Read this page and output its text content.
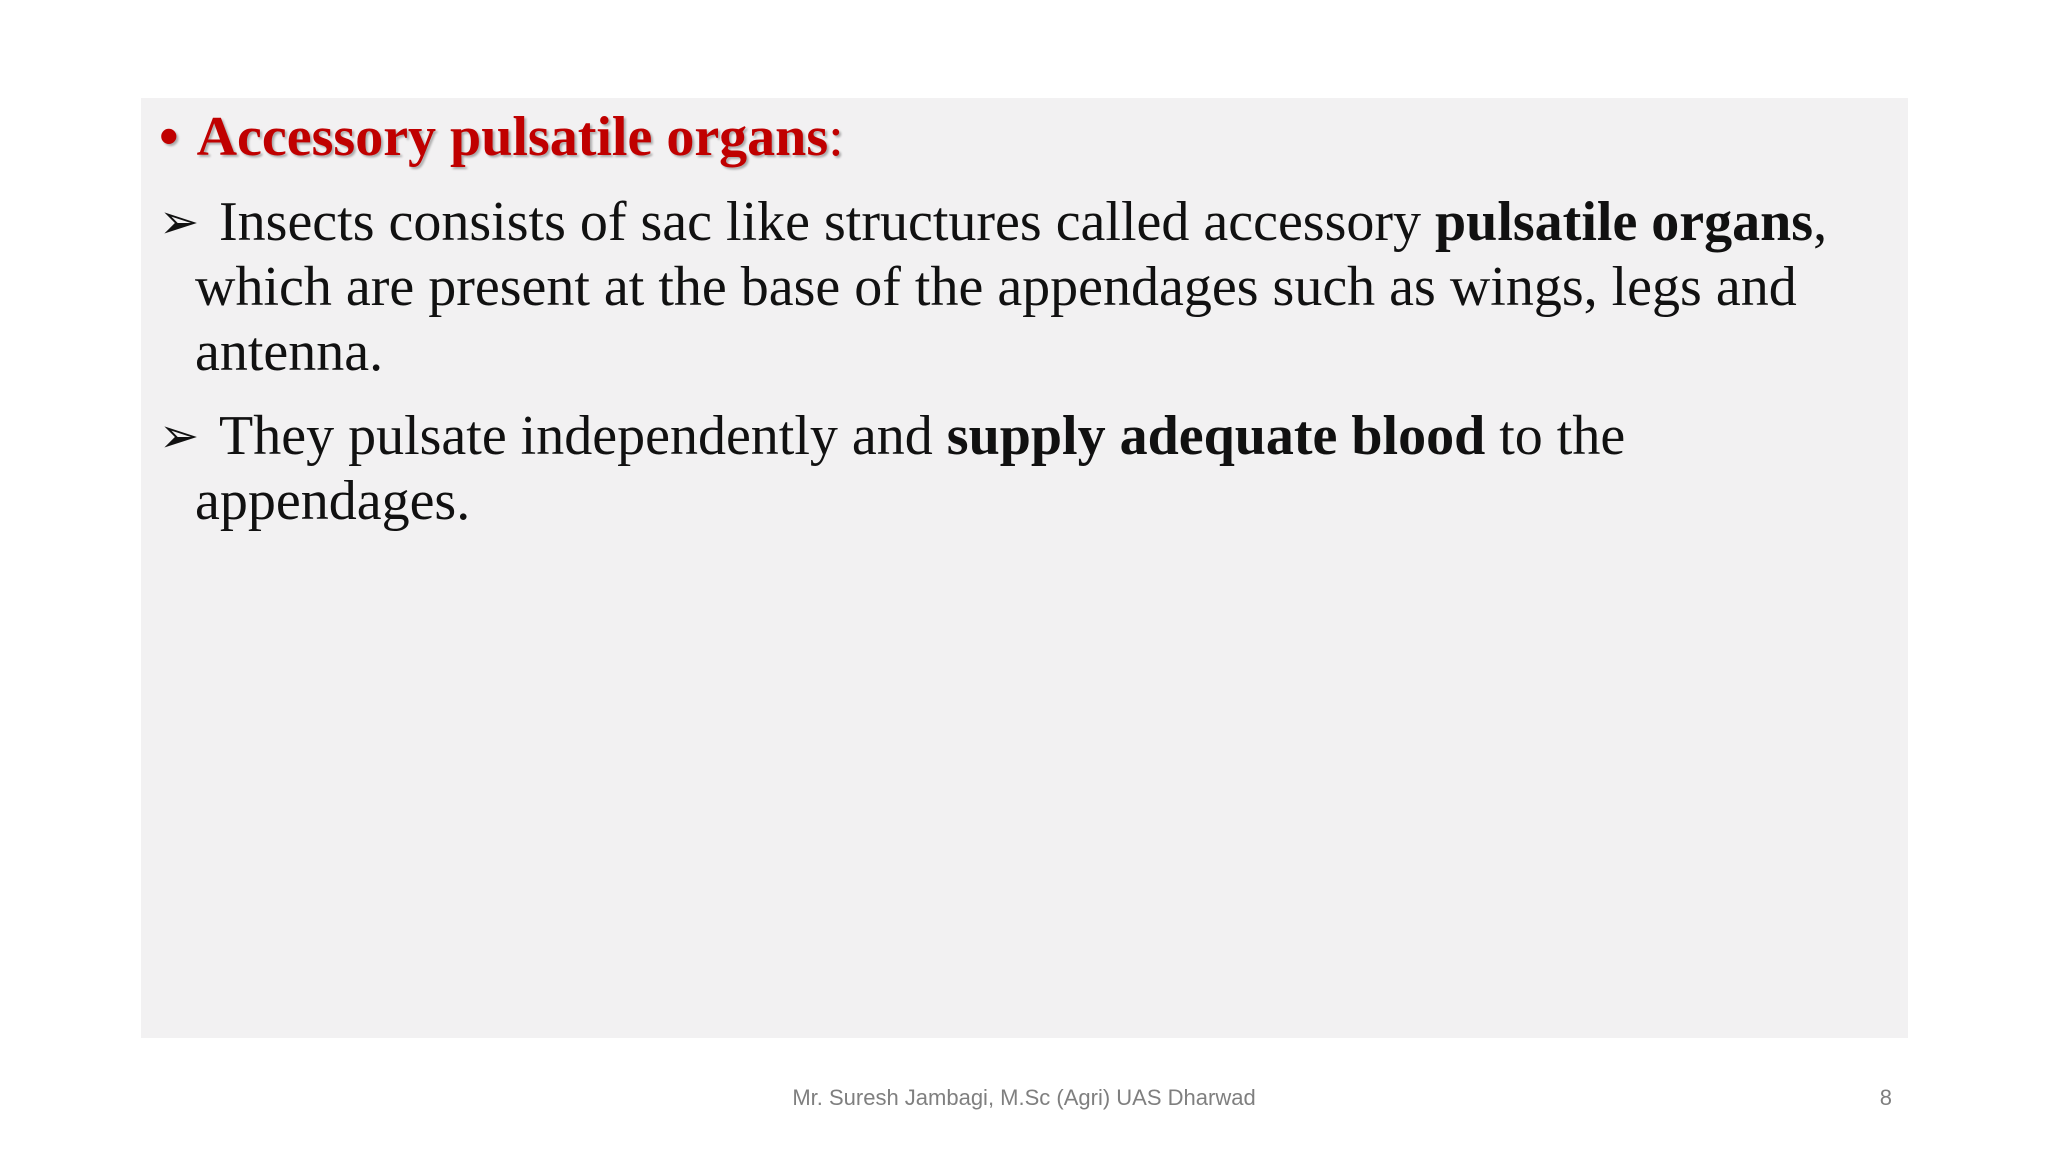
• Accessory pulsatile organs:
➢ Insects consists of sac like structures called accessory pulsatile organs, which are present at the base of the appendages such as wings, legs and antenna.
➢ They pulsate independently and supply adequate blood to the appendages.
Mr. Suresh Jambagi, M.Sc (Agri) UAS Dharwad	8
